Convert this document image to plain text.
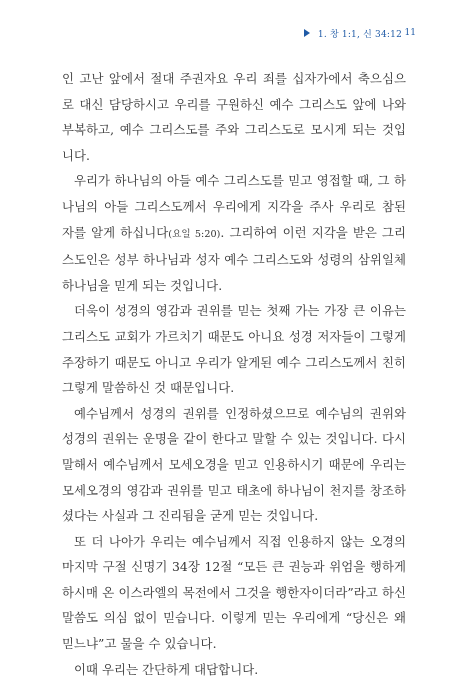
1. 창 1:1, 신 34:12 11

인 고난 앞에서 절대 주권자요 우리 죄를 십자가에서 축으심으로 대신 담당하시고 우리를 구원하신 예수 그리스도 앞에 나와 부복하고, 예수 그리스도를 주와 그리스도로 모시게 되는 것입니다.

우리가 하나님의 아들 예수 그리스도를 믿고 영접할 때, 그 하나님의 아들 그리스도께서 우리에게 지각을 주사 우리로 참된 자를 알게 하십니다(요일 5:20). 그리하여 이런 지각을 받은 그리스도인은 성부 하나님과 성자 예수 그리스도와 성령의 삼위일체 하나님을 믿게 되는 것입니다.

더욱이 성경의 영감과 권위를 믿는 첫째 가는 가장 큰 이유는 그리스도 교회가 가르치기 때문도 아니요 성경 저자들이 그렇게 주장하기 때문도 아니고 우리가 알게된 예수 그리스도께서 친히 그렇게 말씀하신 것 때문입니다.

예수님께서 성경의 권위를 인정하셨으므로 예수님의 권위와 성경의 권위는 운명을 같이 한다고 말할 수 있는 것입니다. 다시 말해서 예수님께서 모세오경을 믿고 인용하시기 때문에 우리는 모세오경의 영감과 권위를 믿고 태초에 하나님이 천지를 창조하셨다는 사실과 그 진리됨을 굳게 믿는 것입니다.

또 더 나아가 우리는 예수님께서 직접 인용하지 않는 오경의 마지막 구절 신명기 34장 12절 “모든 큰 권능과 위엄을 행하게 하시매 온 이스라엘의 목전에서 그것을 행한자이더라”라고 하신 말씀도 의심 없이 믿습니다. 이렇게 믿는 우리에게 “당신은 왜 믿느냐”고 물을 수 있습니다.

이때 우리는 간단하게 대답합니다.
